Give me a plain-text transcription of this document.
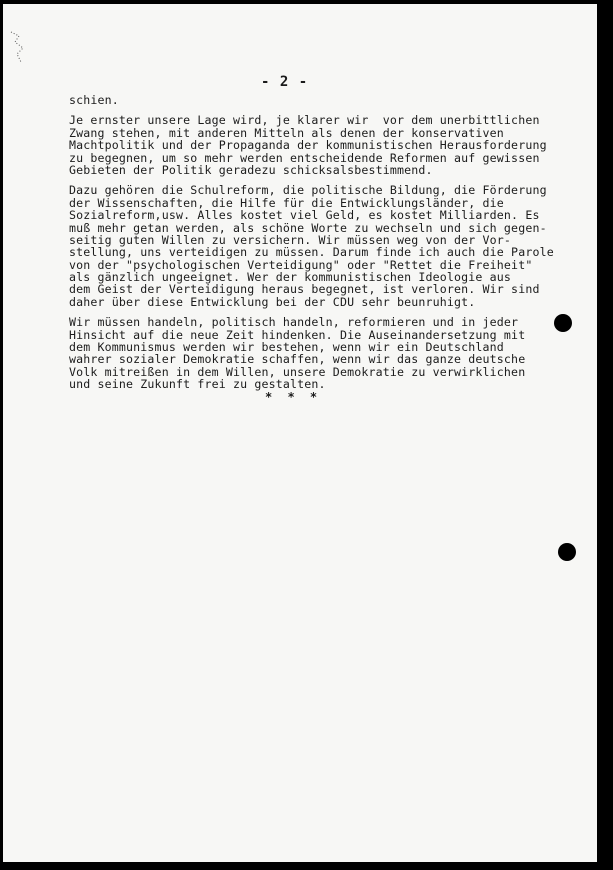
- 2 -
schien.
Je ernster unsere Lage wird, je klarer wir  vor dem unerbittlichen
Zwang stehen, mit anderen Mitteln als denen der konservativen
Machtpolitik und der Propaganda der kommunistischen Herausforderung
zu begegnen, um so mehr werden entscheidende Reformen auf gewissen
Gebieten der Politik geradezu schicksalsbestimmend.
Dazu gehören die Schulreform, die politische Bildung, die Förderung
der Wissenschaften, die Hilfe für die Entwicklungsländer, die
Sozialreform,usw. Alles kostet viel Geld, es kostet Milliarden. Es
muß mehr getan werden, als schöne Worte zu wechseln und sich gegen-
seitig guten Willen zu versichern. Wir müssen weg von der Vor-
stellung, uns verteidigen zu müssen. Darum finde ich auch die Parole
von der "psychologischen Verteidigung" oder "Rettet die Freiheit"
als gänzlich ungeeignet. Wer der kommunistischen Ideologie aus
dem Geist der Verteidigung heraus begegnet, ist verloren. Wir sind
daher über diese Entwicklung bei der CDU sehr beunruhigt.
Wir müssen handeln, politisch handeln, reformieren und in jeder
Hinsicht auf die neue Zeit hindenken. Die Auseinandersetzung mit
dem Kommunismus werden wir bestehen, wenn wir ein Deutschland
wahrer sozialer Demokratie schaffen, wenn wir das ganze deutsche
Volk mitreißen in dem Willen, unsere Demokratie zu verwirklichen
und seine Zukunft frei zu gestalten.
* * *
